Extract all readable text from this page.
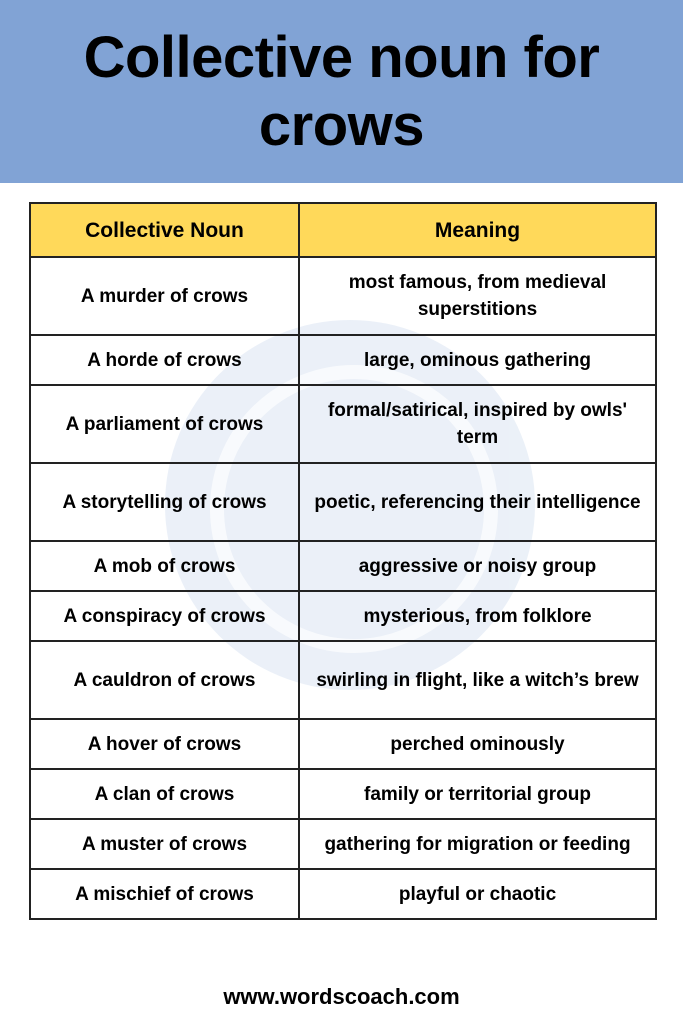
Collective noun for crows
Collective Noun	Meaning
A murder of crows	most famous, from medieval superstitions
A horde of crows	large, ominous gathering
A parliament of crows	formal/satirical, inspired by owls' term
A storytelling of crows	poetic, referencing their intelligence
A mob of crows	aggressive or noisy group
A conspiracy of crows	mysterious, from folklore
A cauldron of crows	swirling in flight, like a witch’s brew
A hover of crows	perched ominously
A clan of crows	family or territorial group
A muster of crows	gathering for migration or feeding
A mischief of crows	playful or chaotic
www.wordscoach.com
